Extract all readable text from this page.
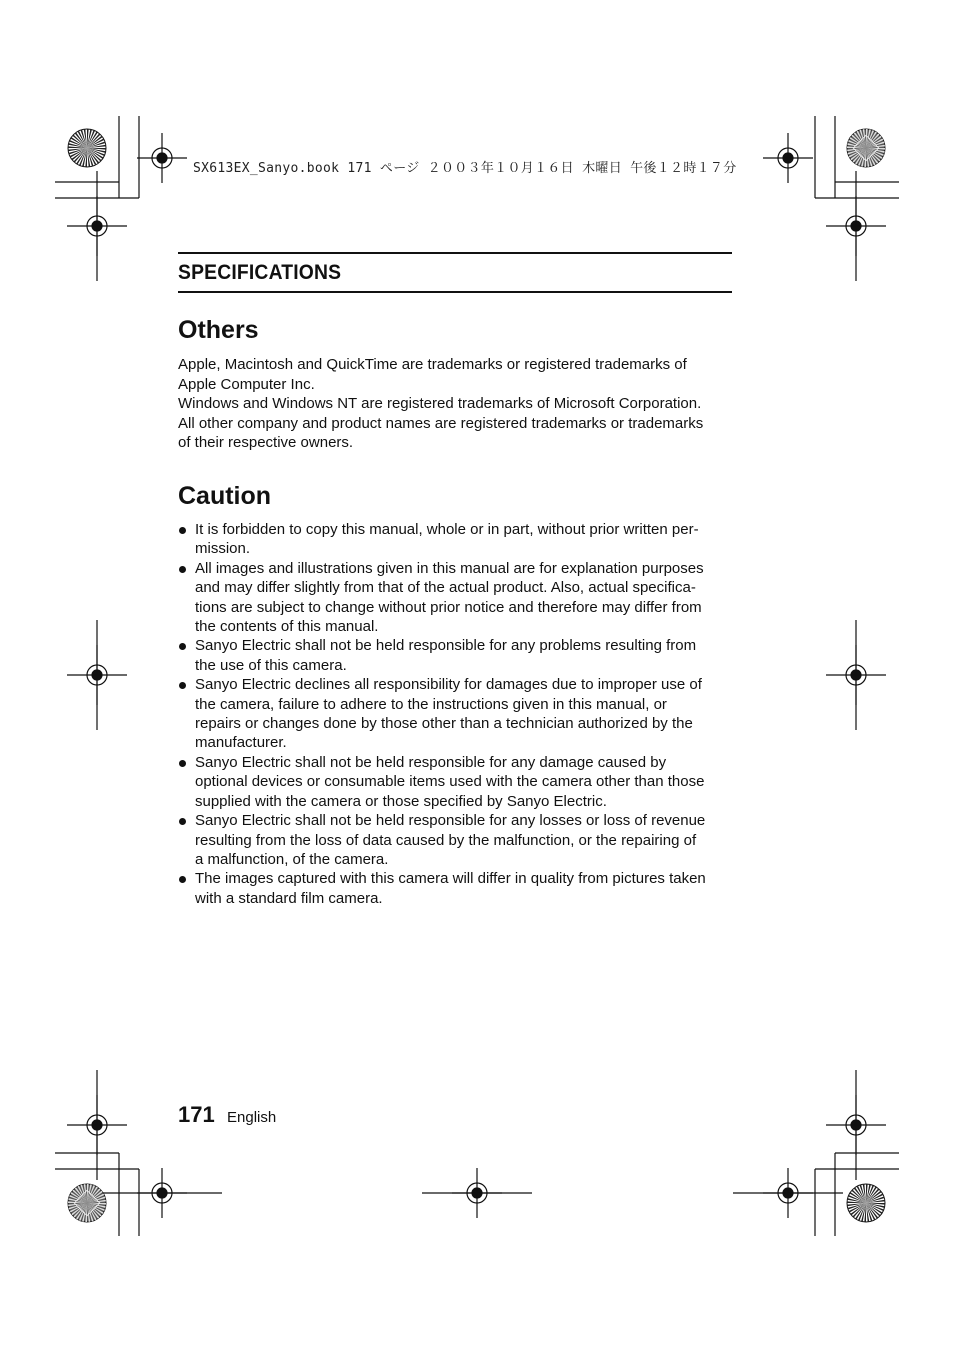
SX613EX_Sanyo.book 171 ページ ２００３年１０月１６日 木曜日 午後１２時１７分
SPECIFICATIONS
Others

Apple, Macintosh and QuickTime are trademarks or registered trademarks of
Apple Computer Inc.
Windows and Windows NT are registered trademarks of Microsoft Corporation.
All other company and product names are registered trademarks or trademarks
of their respective owners.

Caution
It is forbidden to copy this manual, whole or in part, without prior written per-
mission.
All images and illustrations given in this manual are for explanation purposes
and may differ slightly from that of the actual product. Also, actual specifica-
tions are subject to change without prior notice and therefore may differ from
the contents of this manual.
Sanyo Electric shall not be held responsible for any problems resulting from
the use of this camera.
Sanyo Electric declines all responsibility for damages due to improper use of
the camera, failure to adhere to the instructions given in this manual, or
repairs or changes done by those other than a technician authorized by the
manufacturer.
Sanyo Electric shall not be held responsible for any damage caused by
optional devices or consumable items used with the camera other than those
supplied with the camera or those specified by Sanyo Electric.
Sanyo Electric shall not be held responsible for any losses or loss of revenue
resulting from the loss of data caused by the malfunction, or the repairing of
a malfunction, of the camera.
The images captured with this camera will differ in quality from pictures taken
with a standard film camera.
171 English
